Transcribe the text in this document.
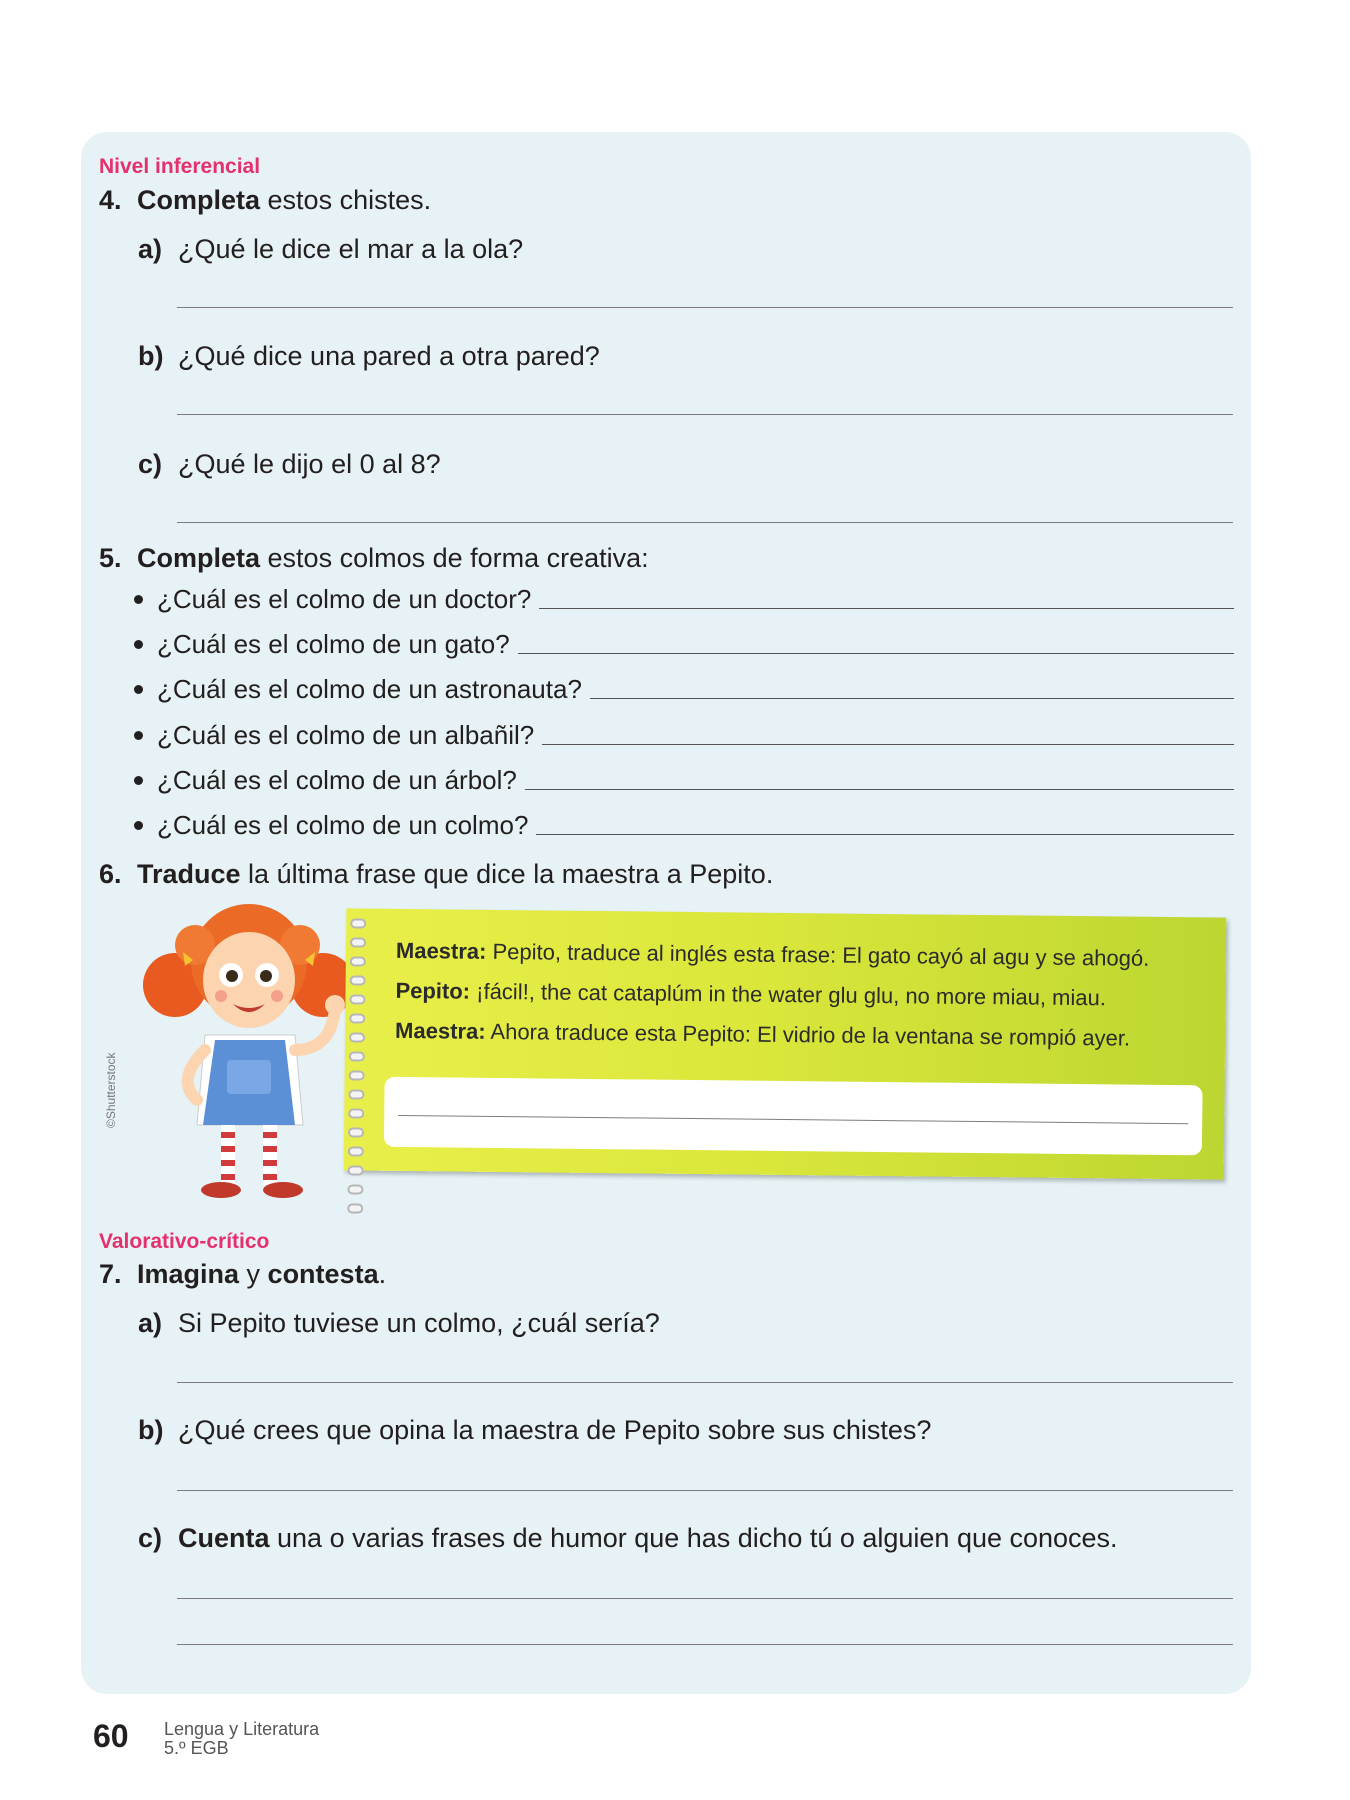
Nivel inferencial
4. Completa estos chistes.
a) ¿Qué le dice el mar a la ola?
b) ¿Qué dice una pared a otra pared?
c) ¿Qué le dijo el 0 al 8?
5. Completa estos colmos de forma creativa:
¿Cuál es el colmo de un doctor?
¿Cuál es el colmo de un gato?
¿Cuál es el colmo de un astronauta?
¿Cuál es el colmo de un albañil?
¿Cuál es el colmo de un árbol?
¿Cuál es el colmo de un colmo?
6. Traduce la última frase que dice la maestra a Pepito.
©Shutterstock
Maestra: Pepito, traduce al inglés esta frase: El gato cayó al agu y se ahogó.
Pepito: ¡fácil!, the cat cataplúm in the water glu glu, no more miau, miau.
Maestra: Ahora traduce esta Pepito: El vidrio de la ventana se rompió ayer.
Valorativo-crítico
7. Imagina y contesta.
a) Si Pepito tuviese un colmo, ¿cuál sería?
b) ¿Qué crees que opina la maestra de Pepito sobre sus chistes?
c) Cuenta una o varias frases de humor que has dicho tú o alguien que conoces.
60 Lengua y Literatura
5.º EGB
